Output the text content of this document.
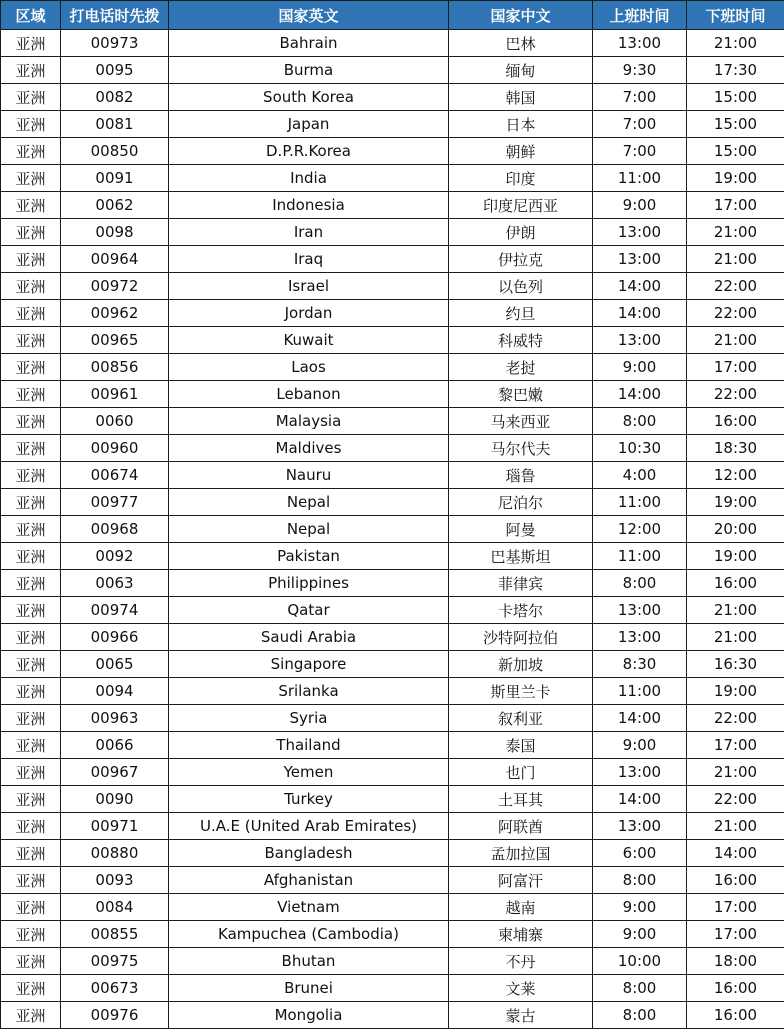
区域	打电话时先拨	国家英文	国家中文	上班时间	下班时间
亚洲	00973	Bahrain	巴林	13:00	21:00
亚洲	0095	Burma	缅甸	9:30	17:30
亚洲	0082	South Korea	韩国	7:00	15:00
亚洲	0081	Japan	日本	7:00	15:00
亚洲	00850	D.P.R.Korea	朝鲜	7:00	15:00
亚洲	0091	India	印度	11:00	19:00
亚洲	0062	Indonesia	印度尼西亚	9:00	17:00
亚洲	0098	Iran	伊朗	13:00	21:00
亚洲	00964	Iraq	伊拉克	13:00	21:00
亚洲	00972	Israel	以色列	14:00	22:00
亚洲	00962	Jordan	约旦	14:00	22:00
亚洲	00965	Kuwait	科威特	13:00	21:00
亚洲	00856	Laos	老挝	9:00	17:00
亚洲	00961	Lebanon	黎巴嫩	14:00	22:00
亚洲	0060	Malaysia	马来西亚	8:00	16:00
亚洲	00960	Maldives	马尔代夫	10:30	18:30
亚洲	00674	Nauru	瑙鲁	4:00	12:00
亚洲	00977	Nepal	尼泊尔	11:00	19:00
亚洲	00968	Nepal	阿曼	12:00	20:00
亚洲	0092	Pakistan	巴基斯坦	11:00	19:00
亚洲	0063	Philippines	菲律宾	8:00	16:00
亚洲	00974	Qatar	卡塔尔	13:00	21:00
亚洲	00966	Saudi Arabia	沙特阿拉伯	13:00	21:00
亚洲	0065	Singapore	新加坡	8:30	16:30
亚洲	0094	Srilanka	斯里兰卡	11:00	19:00
亚洲	00963	Syria	叙利亚	14:00	22:00
亚洲	0066	Thailand	泰国	9:00	17:00
亚洲	00967	Yemen	也门	13:00	21:00
亚洲	0090	Turkey	土耳其	14:00	22:00
亚洲	00971	U.A.E (United Arab Emirates)	阿联酋	13:00	21:00
亚洲	00880	Bangladesh	孟加拉国	6:00	14:00
亚洲	0093	Afghanistan	阿富汗	8:00	16:00
亚洲	0084	Vietnam	越南	9:00	17:00
亚洲	00855	Kampuchea (Cambodia)	柬埔寨	9:00	17:00
亚洲	00975	Bhutan	不丹	10:00	18:00
亚洲	00673	Brunei	文莱	8:00	16:00
亚洲	00976	Mongolia	蒙古	8:00	16:00
